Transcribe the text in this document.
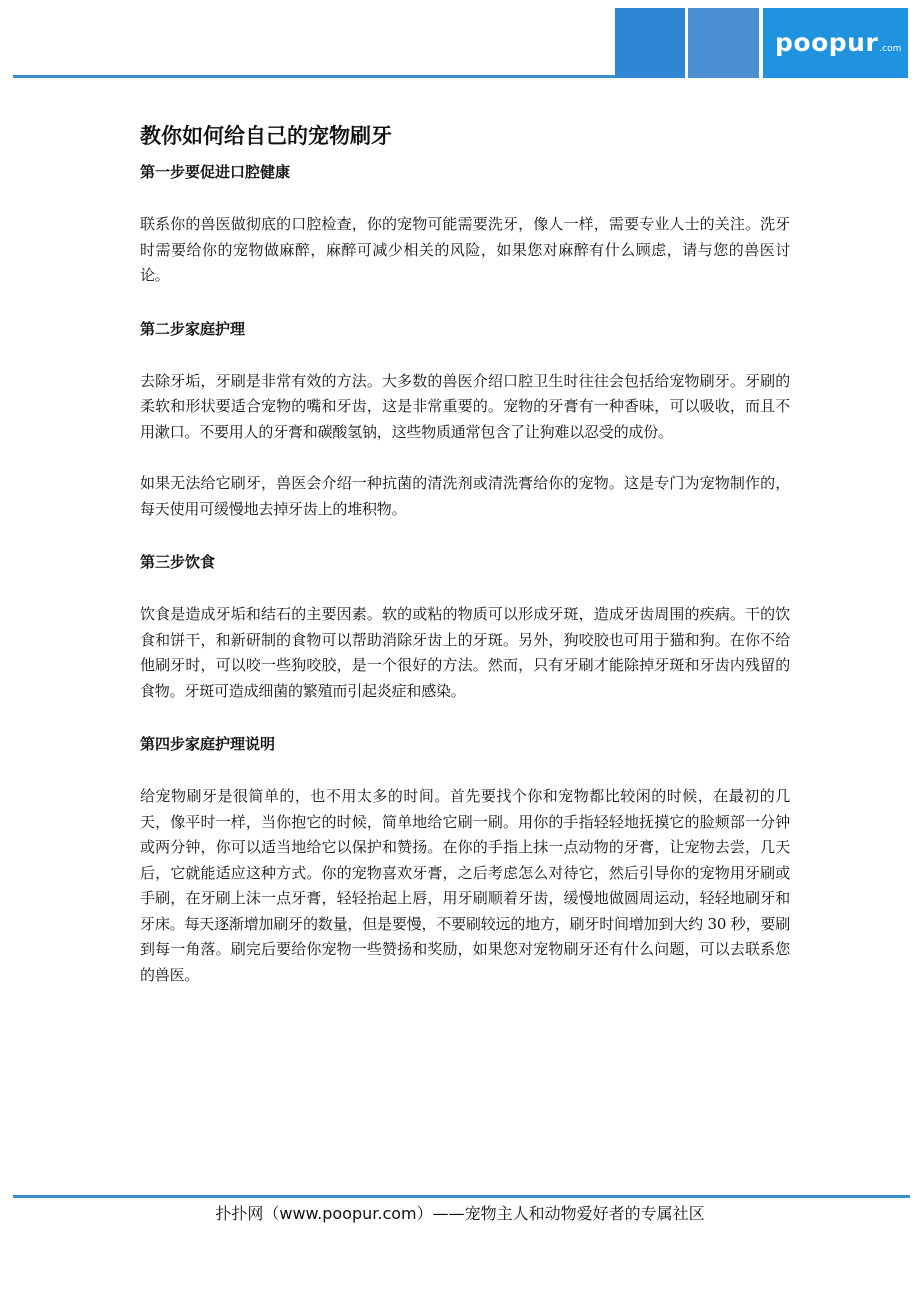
poopur.com
教你如何给自己的宠物刷牙
第一步要促进口腔健康

联系你的兽医做彻底的口腔检查，你的宠物可能需要洗牙，像人一样，需要专业人士的关注。洗牙时需要给你的宠物做麻醉，麻醉可减少相关的风险，如果您对麻醉有什么顾虑，请与您的兽医讨论。

第二步家庭护理

去除牙垢，牙刷是非常有效的方法。大多数的兽医介绍口腔卫生时往往会包括给宠物刷牙。牙刷的柔软和形状要适合宠物的嘴和牙齿，这是非常重要的。宠物的牙膏有一种香味，可以吸收，而且不用漱口。不要用人的牙膏和碳酸氢钠，这些物质通常包含了让狗难以忍受的成份。

如果无法给它刷牙，兽医会介绍一种抗菌的清洗剂或清洗膏给你的宠物。这是专门为宠物制作的，每天使用可缓慢地去掉牙齿上的堆积物。

第三步饮食

饮食是造成牙垢和结石的主要因素。软的或粘的物质可以形成牙斑，造成牙齿周围的疾病。干的饮食和饼干，和新研制的食物可以帮助消除牙齿上的牙斑。另外，狗咬胶也可用于猫和狗。在你不给他刷牙时，可以咬一些狗咬胶，是一个很好的方法。然而，只有牙刷才能除掉牙斑和牙齿内残留的食物。牙斑可造成细菌的繁殖而引起炎症和感染。

第四步家庭护理说明

给宠物刷牙是很简单的，也不用太多的时间。首先要找个你和宠物都比较闲的时候，在最初的几天，像平时一样，当你抱它的时候，简单地给它刷一刷。用你的手指轻轻地抚摸它的脸颊部一分钟或两分钟，你可以适当地给它以保护和赞扬。在你的手指上抹一点动物的牙膏，让宠物去尝，几天后，它就能适应这种方式。你的宠物喜欢牙膏，之后考虑怎么对待它，然后引导你的宠物用牙刷或手刷，在牙刷上沫一点牙膏，轻轻抬起上唇，用牙刷顺着牙齿，缓慢地做圆周运动，轻轻地刷牙和牙床。每天逐渐增加刷牙的数量，但是要慢，不要刷较远的地方，刷牙时间增加到大约 30 秒，要刷到每一角落。刷完后要给你宠物一些赞扬和奖励，如果您对宠物刷牙还有什么问题，可以去联系您的兽医。

扑扑网（www.poopur.com）——宠物主人和动物爱好者的专属社区
